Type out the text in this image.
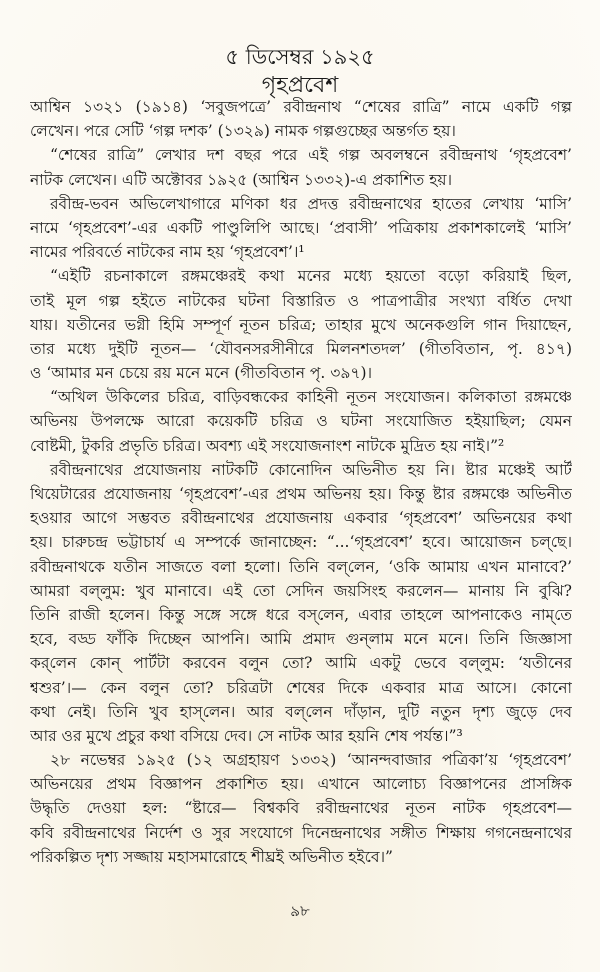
৫ ডিসেম্বর ১৯২৫
গৃহপ্রবেশ
আশ্বিন ১৩২১ (১৯১৪) ‘সবুজপত্রে’ রবীন্দ্রনাথ “শেষের রাত্রি” নামে একটি গল্প
লেখেন। পরে সেটি ‘গল্প দশক’ (১৩২৯) নামক গল্পগুচ্ছের অন্তর্গত হয়।
“শেষের রাত্রি” লেখার দশ বছর পরে এই গল্প অবলম্বনে রবীন্দ্রনাথ ‘গৃহপ্রবেশ’
নাটক লেখেন। এটি অক্টোবর ১৯২৫ (আশ্বিন ১৩৩২)-এ প্রকাশিত হয়।
রবীন্দ্র-ভবন অভিলেখাগারে মণিকা ধর প্রদত্ত রবীন্দ্রনাথের হাতের লেখায় ‘মাসি’
নামে ‘গৃহপ্রবেশ’-এর একটি পাণ্ডুলিপি আছে। ‘প্রবাসী’ পত্রিকায় প্রকাশকালেই ‘মাসি’
নামের পরিবর্তে নাটকের নাম হয় ‘গৃহপ্রবেশ’।¹
“এইটি রচনাকালে রঙ্গমঞ্চেরই কথা মনের মধ্যে হয়তো বড়ো করিয়াই ছিল,
তাই মূল গল্প হইতে নাটকের ঘটনা বিস্তারিত ও পাত্রপাত্রীর সংখ্যা বর্ধিত দেখা
যায়। যতীনের ভগ্নী হিমি সম্পূর্ণ নূতন চরিত্র; তাহার মুখে অনেকগুলি গান দিয়াছেন,
তার মধ্যে দুইটি নূতন— ‘যৌবনসরসীনীরে মিলনশতদল’ (গীতবিতান, পৃ. ৪১৭)
ও ‘আমার মন চেয়ে রয় মনে মনে (গীতবিতান পৃ. ৩৯৭)।
“অখিল উকিলের চরিত্র, বাড়িবন্ধকের কাহিনী নূতন সংযোজন। কলিকাতা রঙ্গমঞ্চে
অভিনয় উপলক্ষে আরো কয়েকটি চরিত্র ও ঘটনা সংযোজিত হইয়াছিল; যেমন
বোষ্টমী, টুকরি প্রভৃতি চরিত্র। অবশ্য এই সংযোজনাংশ নাটকে মুদ্রিত হয় নাই।”²
রবীন্দ্রনাথের প্রযোজনায় নাটকটি কোনোদিন অভিনীত হয় নি। ষ্টার মঞ্চেই আর্ট
থিয়েটারের প্রযোজনায় ‘গৃহপ্রবেশ’-এর প্রথম অভিনয় হয়। কিন্তু ষ্টার রঙ্গমঞ্চে অভিনীত
হওয়ার আগে সম্ভবত রবীন্দ্রনাথের প্রযোজনায় একবার ‘গৃহপ্রবেশ’ অভিনয়ের কথা
হয়। চারুচন্দ্র ভট্টাচার্য এ সম্পর্কে জানাচ্ছেন: “...‘গৃহপ্রবেশ’ হবে। আয়োজন চল্‌ছে।
রবীন্দ্রনাথকে যতীন সাজতে বলা হলো। তিনি বল্‌লেন, ‘ওকি আমায় এখন মানাবে?’
আমরা বল্‌লুম: খুব মানাবে। এই তো সেদিন জয়সিংহ করলেন— মানায় নি বুঝি?
তিনি রাজী হলেন। কিন্তু সঙ্গে সঙ্গে ধরে বস্‌লেন, এবার তাহলে আপনাকেও নাম্‌তে
হবে, বড্ড ফাঁকি দিচ্ছেন আপনি। আমি প্রমাদ গুন্‌লাম মনে মনে। তিনি জিজ্ঞাসা
কর্‌লেন কোন্ পার্টটা করবেন বলুন তো? আমি একটু ভেবে বল্‌লুম: ‘যতীনের
শ্বশুর’।— কেন বলুন তো? চরিত্রটা শেষের দিকে একবার মাত্র আসে। কোনো
কথা নেই। তিনি খুব হাস্‌লেন। আর বল্‌লেন দাঁড়ান, দুটি নতুন দৃশ্য জুড়ে দেব
আর ওর মুখে প্রচুর কথা বসিয়ে দেব। সে নাটক আর হয়নি শেষ পর্যন্ত।”³
২৮ নভেম্বর ১৯২৫ (১২ অগ্রহায়ণ ১৩৩২) ‘আনন্দবাজার পত্রিকা’য় ‘গৃহপ্রবেশ’
অভিনয়ের প্রথম বিজ্ঞাপন প্রকাশিত হয়। এখানে আলোচ্য বিজ্ঞাপনের প্রাসঙ্গিক
উদ্ধৃতি দেওয়া হল: “ষ্টারে— বিশ্বকবি রবীন্দ্রনাথের নূতন নাটক গৃহপ্রবেশ—
কবি রবীন্দ্রনাথের নির্দেশ ও সুর সংযোগে দিনেন্দ্রনাথের সঙ্গীত শিক্ষায় গগনেন্দ্রনাথের
পরিকল্পিত দৃশ্য সজ্জায় মহাসমারোহে শীঘ্রই অভিনীত হইবে।”
৯৮
